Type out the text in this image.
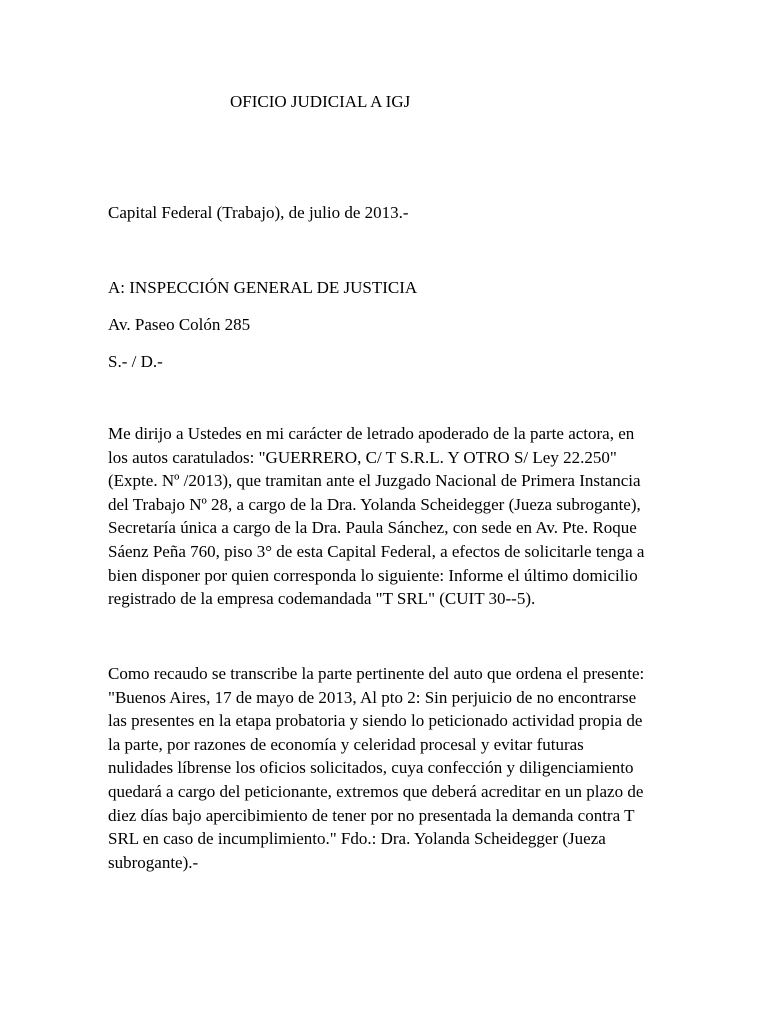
OFICIO JUDICIAL A IGJ

Capital Federal (Trabajo), de julio de 2013.-

A: INSPECCIÓN GENERAL DE JUSTICIA

Av. Paseo Colón 285

S.- / D.-

Me dirijo a Ustedes en mi carácter de letrado apoderado de la parte actora, en
los autos caratulados: "GUERRERO, C/ T S.R.L. Y OTRO S/ Ley 22.250"
(Expte. Nº /2013), que tramitan ante el Juzgado Nacional de Primera Instancia
del Trabajo Nº 28, a cargo de la Dra. Yolanda Scheidegger (Jueza subrogante),
Secretaría única a cargo de la Dra. Paula Sánchez, con sede en Av. Pte. Roque
Sáenz Peña 760, piso 3° de esta Capital Federal, a efectos de solicitarle tenga a
bien disponer por quien corresponda lo siguiente: Informe el último domicilio
registrado de la empresa codemandada "T SRL" (CUIT 30--5).
Como recaudo se transcribe la parte pertinente del auto que ordena el presente:
"Buenos Aires, 17 de mayo de 2013, Al pto 2: Sin perjuicio de no encontrarse
las presentes en la etapa probatoria y siendo lo peticionado actividad propia de
la parte, por razones de economía y celeridad procesal y evitar futuras
nulidades líbrense los oficios solicitados, cuya confección y diligenciamiento
quedará a cargo del peticionante, extremos que deberá acreditar en un plazo de
diez días bajo apercibimiento de tener por no presentada la demanda contra T
SRL en caso de incumplimiento." Fdo.: Dra. Yolanda Scheidegger (Jueza
subrogante).-
